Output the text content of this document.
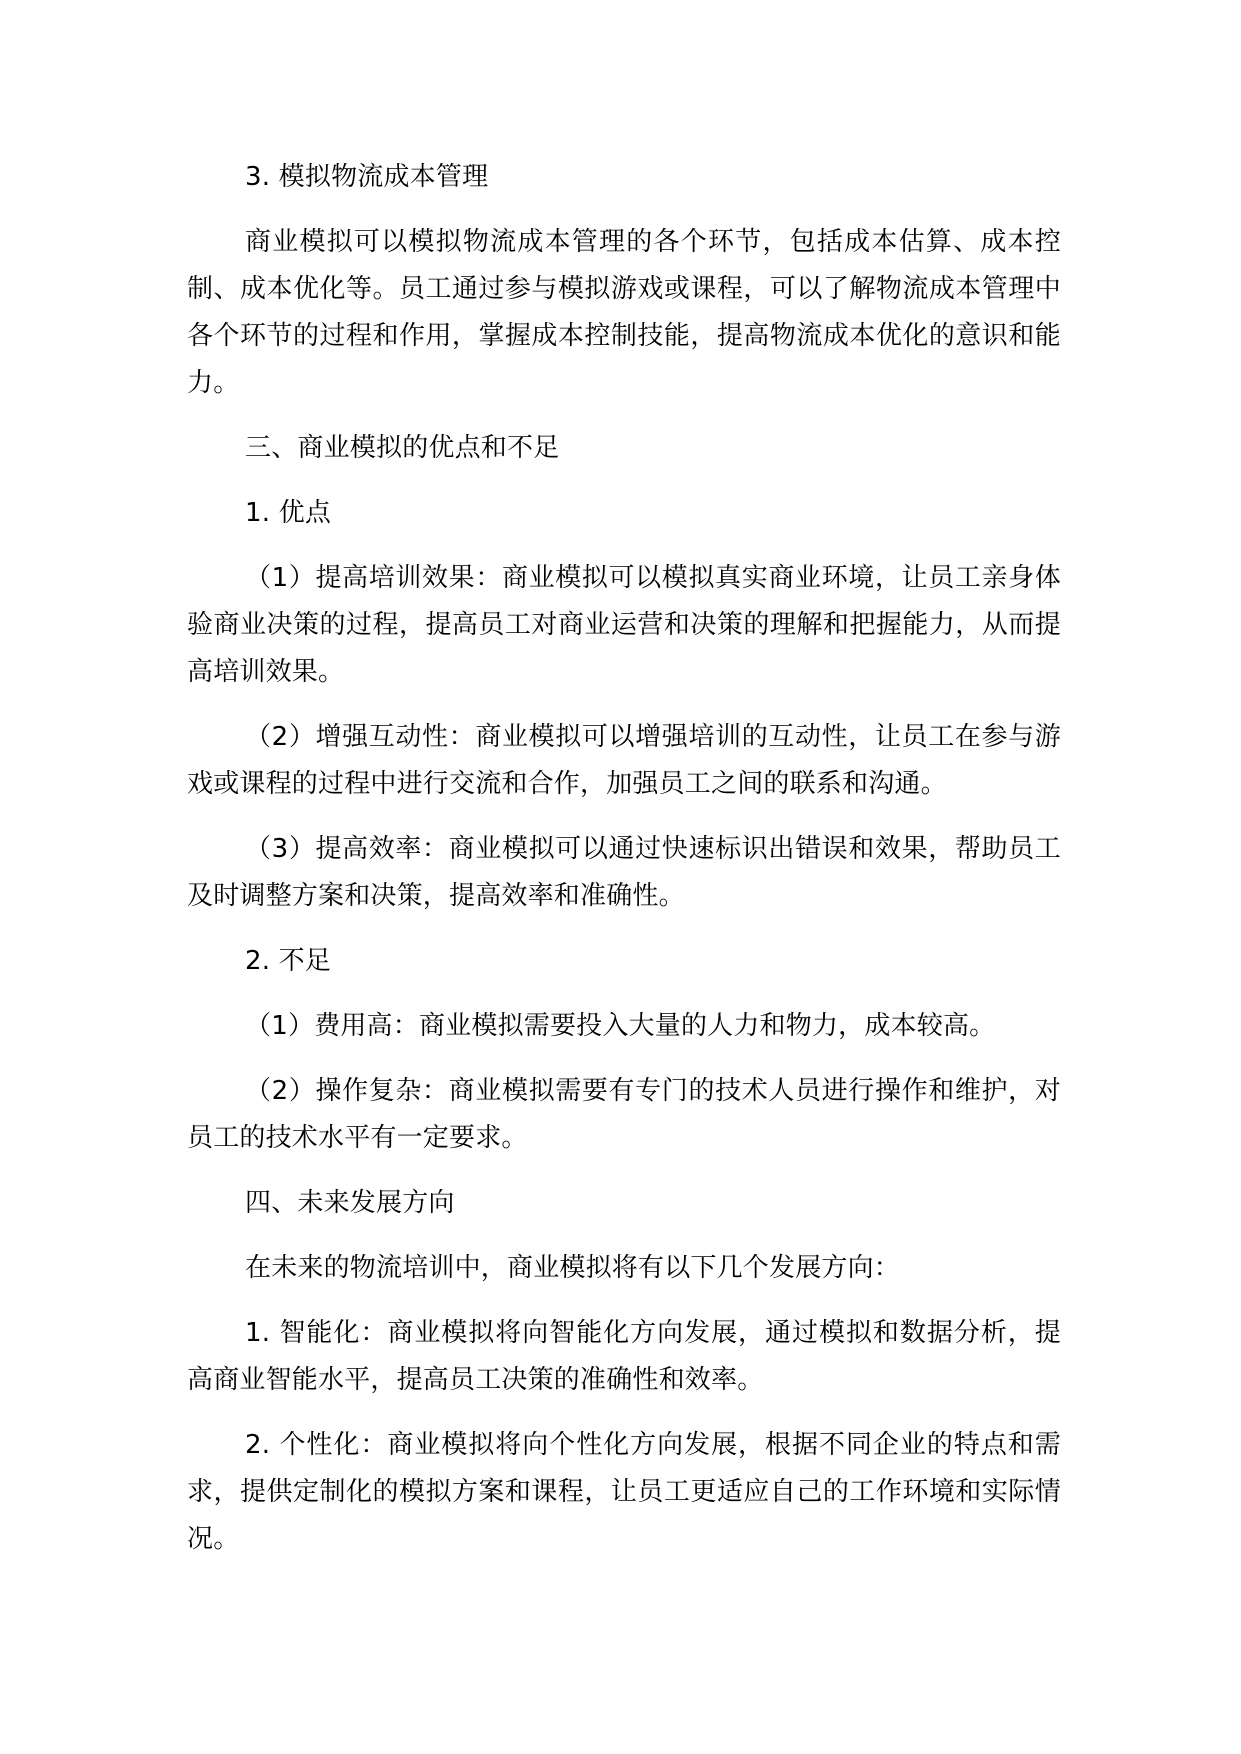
3. 模拟物流成本管理

商业模拟可以模拟物流成本管理的各个环节，包括成本估算、成本控制、成本优化等。员工通过参与模拟游戏或课程，可以了解物流成本管理中各个环节的过程和作用，掌握成本控制技能，提高物流成本优化的意识和能力。

三、商业模拟的优点和不足

1. 优点

（1）提高培训效果：商业模拟可以模拟真实商业环境，让员工亲身体验商业决策的过程，提高员工对商业运营和决策的理解和把握能力，从而提高培训效果。

（2）增强互动性：商业模拟可以增强培训的互动性，让员工在参与游戏或课程的过程中进行交流和合作，加强员工之间的联系和沟通。

（3）提高效率：商业模拟可以通过快速标识出错误和效果，帮助员工及时调整方案和决策，提高效率和准确性。

2. 不足

（1）费用高：商业模拟需要投入大量的人力和物力，成本较高。

（2）操作复杂：商业模拟需要有专门的技术人员进行操作和维护，对员工的技术水平有一定要求。

四、未来发展方向

在未来的物流培训中，商业模拟将有以下几个发展方向：

1. 智能化：商业模拟将向智能化方向发展，通过模拟和数据分析，提高商业智能水平，提高员工决策的准确性和效率。

2. 个性化：商业模拟将向个性化方向发展，根据不同企业的特点和需求，提供定制化的模拟方案和课程，让员工更适应自己的工作环境和实际情况。
